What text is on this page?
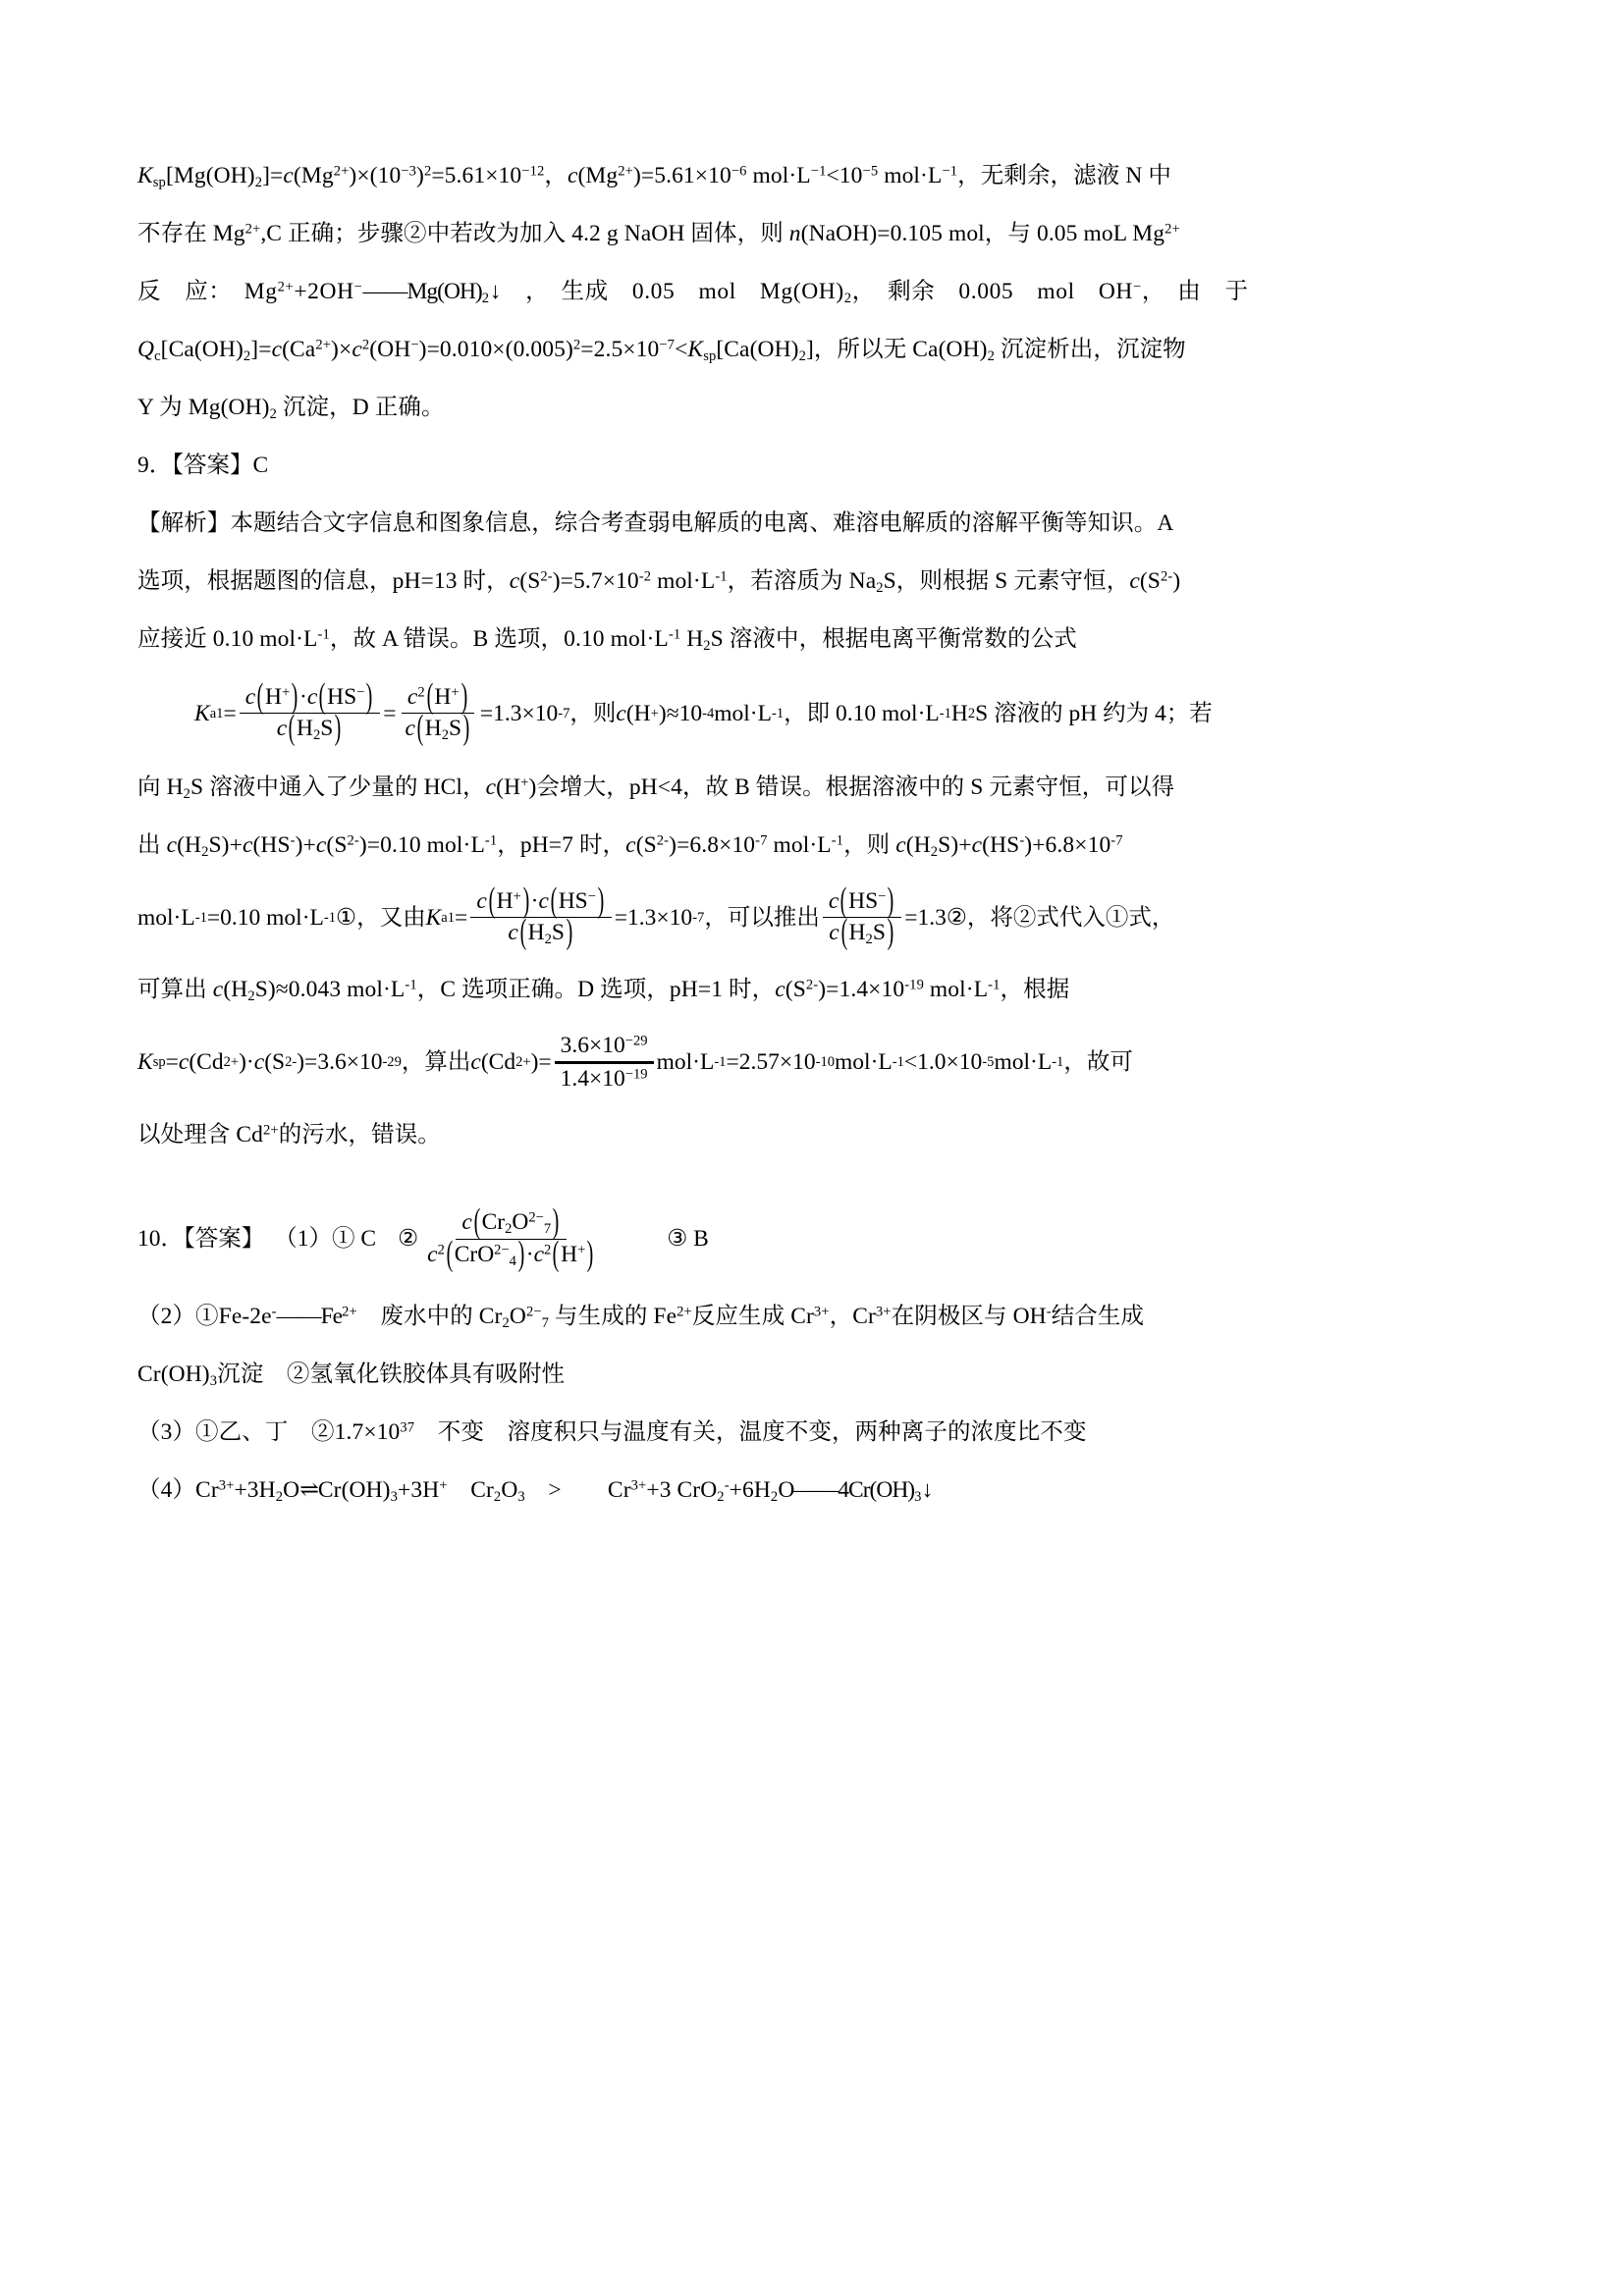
$K_{sp}[Mg(OH)_2]=c(Mg^{2+})\times(10^{-3})^2=5.61\times 10^{-12}$，$c(Mg^{2+})=5.61\times 10^{-6}$ $mol\cdot L^{-1}<10^{-5}$ $mol\cdot L^{-1}$，无剩余，滤液 N 中

不存在 $Mg^{2+},C$ 正确；步骤②中若改为加入 4.2 g NaOH 固体，则 n(NaOH)=0.105 mol，与 0.05 moL $Mg^{2+}$

反　应：　$Mg^{2+}+2OH^-——Mg(OH)_2↓$　，　生成　0.05　mol　$Mg(OH)_2$，　剩余　0.005　mol　OH−，　由　于

$Q_c[Ca(OH)_2]=c(Ca^{2+})\times c^2(OH^-)=0.010\times(0.005)^2=2.5\times 10^{-7}<K_{sp}[Ca(OH)_2]$，所以无 $Ca(OH)_2$ 沉淀析出，沉淀物

Y 为 $Mg(OH)_2$ 沉淀，D 正确。

9．【答案】C

【解析】本题结合文字信息和图象信息，综合考查弱电解质的电离、难溶电解质的溶解平衡等知识。A

选项，根据题图的信息，pH=13 时，$c(S^{2-})=5.7\times 10^{-2}$ $mol\cdot L^{-1}$，若溶质为 $Na_2S$，则根据 S 元素守恒，$c(S^{2-})$

应接近 0.10 $mol\cdot L^{-1}$，故 A 错误。B 选项，0.10 $mol\cdot L^{-1}$ $H_2S$ 溶液中，根据电离平衡常数的公式

K $a1 = \frac{c(H^+)\cdot c(HS^-)}{c(H_2S)} = \frac{c^2(H^+)}{c(H_2S)} =1.3\times 10$ -7 ，则 c (H + )≈10 -4 mol·L -1 ，即 0.10 mol·L -1 H 2 S 溶液的 pH 约为 4；若

向 $H_2S$ 溶液中通入了少量的 HCl，c(H+)会增大，pH<4，故 B 错误。根据溶液中的 S 元素守恒，可以得

出 $c(H_2S)+c(HS^-)+c(S^{2-})=0.10$ $mol\cdot L^{-1}$，pH=7 时，$c(S^{2-})=6.8\times 10^{-7}$ $mol\cdot L^{-1}$，则 $c(H_2S)+c(HS^-)+6.8\times 10^{-7}$

mol·L -1 =0.10 mol·L -1 ① ，又由 K $a1 = \frac{c(H^+)\cdot c(HS^-)}{c(H_2S)} =1.3\times 10$ -7 ，可以推出 $\frac{c(HS^-)}{c(H_2S)} =1.3$ ② ，将②式代入①式，

可算出 $c(H_2S)\approx 0.043$ $mol\cdot L^{-1}$，C 选项正确。D 选项，pH=1 时，$c(S^{2-})=1.4\times 10^{-19}$ $mol\cdot L^{-1}$，根据

K sp = c (Cd 2+ )· c (S 2- )=3.6×10 -29 ，算出 c (Cd 2+ )= $\frac{3.6\times 10^{-29}}{1.4\times 10^{-19}} mol\cdot L$ -1 =2.57×10 -10 mol·L -1 <1.0×10 -5 mol·L -1 ，故可

以处理含 $Cd^{2+}$的污水，错误。

10．【答案】 （1）① C ② $\frac{c(Cr_2O^{2-}_7)}{c^2(CrO^{2-}_4)\cdot c^2(H^+)}$	③ B

$(2)①Fe-2e^-——Fe^{2+}$　废水中的 $Cr_2O^{2-}_7$ 与生成的 $Fe^{2+}$反应生成 $Cr^{3+}$，$Cr^{3+}$在阴极区与 OH-结合生成

$Cr(OH)_3$沉淀　②氢氧化铁胶体具有吸附性

（3）①乙、丁　$②1.7\times 10^{37}$　不变　溶度积只与温度有关，温度不变，两种离子的浓度比不变

$(4)Cr^{3+}+3H_2O\rightleftharpoons Cr(OH)_3+3H^+$　$Cr_2O_3$　>　　$Cr^{3+}+3$ $CrO_2^-+6H_2O——4Cr(OH)_3↓$
